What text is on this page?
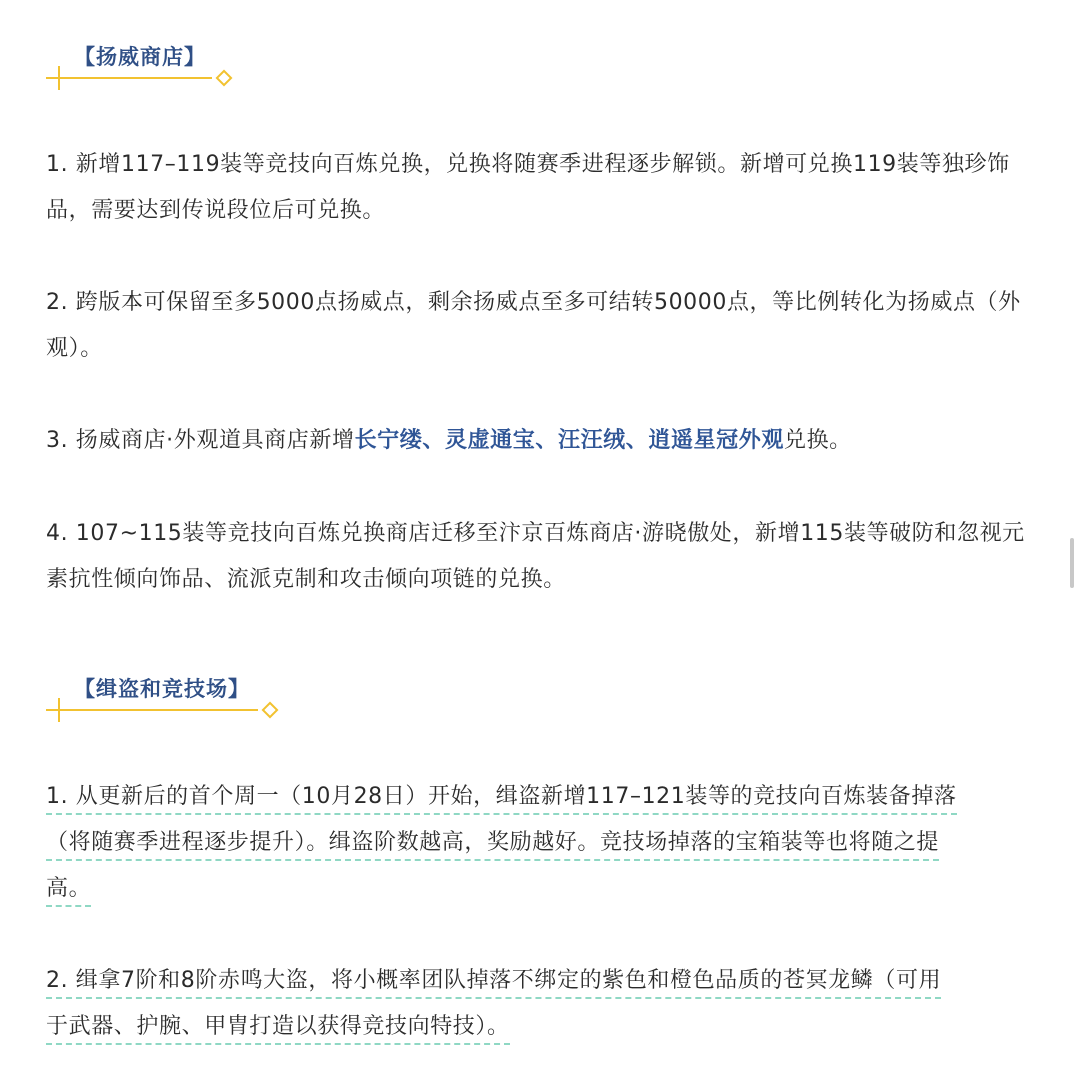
【扬威商店】

1. 新增117–119装等竞技向百炼兑换，兑换将随赛季进程逐步解锁。新增可兑换119装等独珍饰品，需要达到传说段位后可兑换。

2. 跨版本可保留至多5000点扬威点，剩余扬威点至多可结转50000点，等比例转化为扬威点（外观）。

3. 扬威商店·外观道具商店新增长宁缕、灵虚通宝、汪汪绒、逍遥星冠外观兑换。

4. 107~115装等竞技向百炼兑换商店迁移至汴京百炼商店·游晓傲处，新增115装等破防和忽视元素抗性倾向饰品、流派克制和攻击倾向项链的兑换。

【缉盗和竞技场】

1. 从更新后的首个周一（10月28日）开始，缉盗新增117–121装等的竞技向百炼装备掉落
（将随赛季进程逐步提升）。缉盗阶数越高，奖励越好。竞技场掉落的宝箱装等也将随之提
高。

2. 缉拿7阶和8阶赤鸣大盗，将小概率团队掉落不绑定的紫色和橙色品质的苍冥龙鳞（可用
于武器、护腕、甲胄打造以获得竞技向特技）。
